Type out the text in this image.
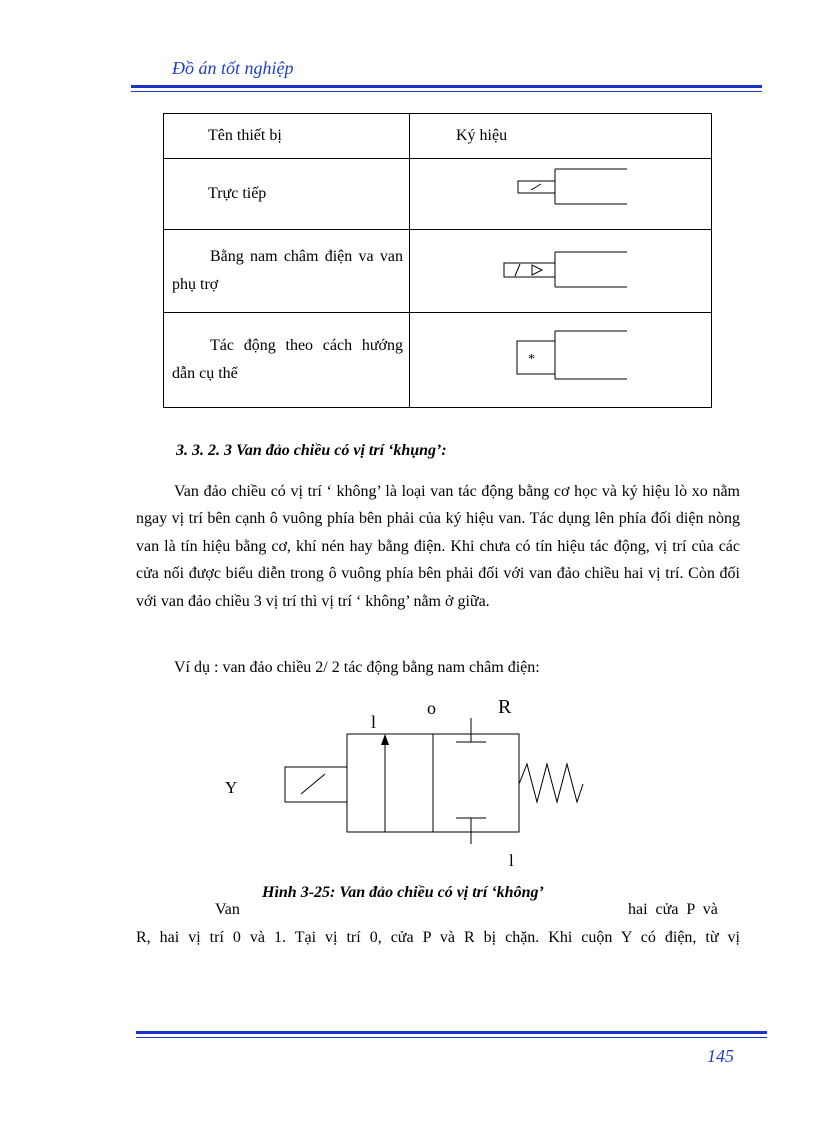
Đồ án tốt nghiệp
Tên thiết bị	Ký hiệu

Trực tiếp

Bằng nam châm điện va van phụ trợ

Tác động theo cách hướng dẫn cụ thể	*
3. 3. 2. 3 Van đảo chiều có vị trí ‘khụng’:

Van đảo chiều có vị trí ‘ không’ là loại van tác động bằng cơ học và ký hiệu lò xo nằm ngay vị trí bên cạnh ô vuông phía bên phải của ký hiệu van. Tác dụng lên phía đối diện nòng van là tín hiệu bằng cơ, khí nén hay bằng điện. Khi chưa có tín hiệu tác động, vị trí của các cửa nối được biểu diễn trong ô vuông phía bên phải đối với van đảo chiều hai vị trí. Còn đối với van đảo chiều 3 vị trí thì vị trí ‘ không’ nằm ở giữa.

Ví dụ : van đảo chiều 2/ 2 tác động bằng nam châm điện:

Y
l
o	R
l
Hình 3-25: Van đảo chiều có vị trí ‘không’
Van	hai cửa P và
R, hai vị trí 0 và 1. Tại vị trí 0, cửa P và R bị chặn. Khi cuộn Y có điện, từ vị
145
